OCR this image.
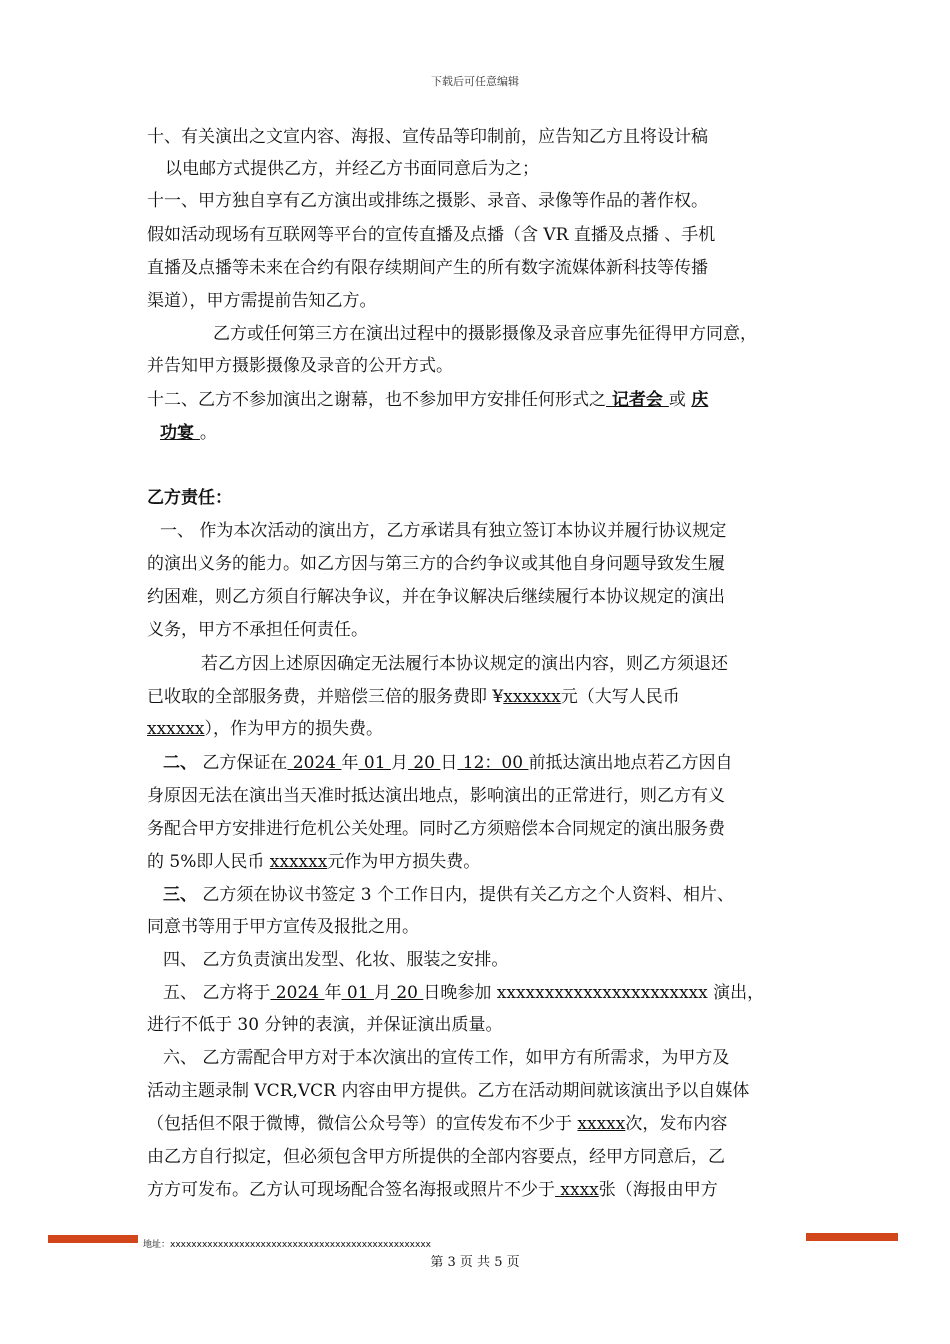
下载后可任意编辑
十、有关演出之文宣内容、海报、宣传品等印制前，应告知乙方且将设计稿
以电邮方式提供乙方，并经乙方书面同意后为之；
十一、甲方独自享有乙方演出或排练之摄影、录音、录像等作品的著作权。
假如活动现场有互联网等平台的宣传直播及点播（含 VR 直播及点播 、手机
直播及点播等未来在合约有限存续期间产生的所有数字流媒体新科技等传播
渠道），甲方需提前告知乙方。
乙方或任何第三方在演出过程中的摄影摄像及录音应事先征得甲方同意，
并告知甲方摄影摄像及录音的公开方式。
十二、乙方不参加演出之谢幕，也不参加甲方安排任何形式之 记者会 或 庆
功宴 。
乙方责任：
一、 作为本次活动的演出方，乙方承诺具有独立签订本协议并履行协议规定
的演出义务的能力。如乙方因与第三方的合约争议或其他自身问题导致发生履
约困难，则乙方须自行解决争议，并在争议解决后继续履行本协议规定的演出
义务，甲方不承担任何责任。
若乙方因上述原因确定无法履行本协议规定的演出内容，则乙方须退还
已收取的全部服务费，并赔偿三倍的服务费即 ¥xxxxxx元（大写人民币
xxxxxx），作为甲方的损失费。
二、 乙方保证在 2024 年 01 月 20 日 12：00 前抵达演出地点若乙方因自
身原因无法在演出当天准时抵达演出地点，影响演出的正常进行，则乙方有义
务配合甲方安排进行危机公关处理。同时乙方须赔偿本合同规定的演出服务费
的 5%即人民币 xxxxxx元作为甲方损失费。
三、 乙方须在协议书签定 3 个工作日内，提供有关乙方之个人资料、相片、
同意书等用于甲方宣传及报批之用。
四、 乙方负责演出发型、化妆、服装之安排。
五、 乙方将于 2024 年 01 月 20 日晚参加 xxxxxxxxxxxxxxxxxxxxxx 演出，
进行不低于 30 分钟的表演，并保证演出质量。
六、 乙方需配合甲方对于本次演出的宣传工作，如甲方有所需求，为甲方及
活动主题录制 VCR,VCR 内容由甲方提供。乙方在活动期间就该演出予以自媒体
（包括但不限于微博，微信公众号等）的宣传发布不少于 xxxxx次，发布内容
由乙方自行拟定，但必须包含甲方所提供的全部内容要点，经甲方同意后，乙
方方可发布。乙方认可现场配合签名海报或照片不少于 xxxx张（海报由甲方
地址：xxxxxxxxxxxxxxxxxxxxxxxxxxxxxxxxxxxxxxxxxxxxxxxxx
第 3 页 共 5 页
